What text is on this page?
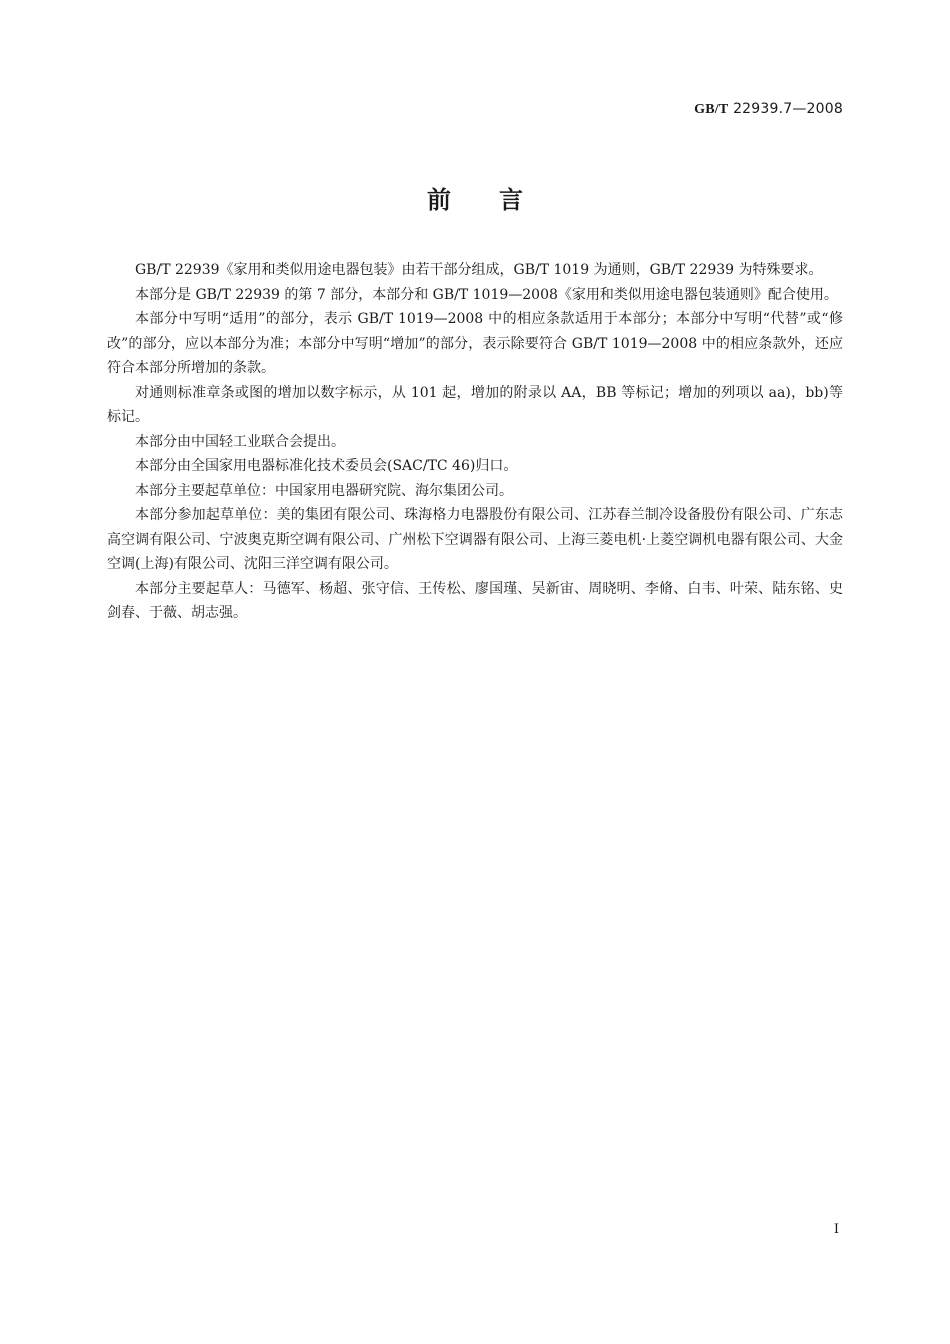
GB/T 22939.7—2008
前言

GB/T 22939《家用和类似用途电器包装》由若干部分组成，GB/T 1019 为通则，GB/T 22939 为特殊要求。

本部分是 GB/T 22939 的第 7 部分，本部分和 GB/T 1019—2008《家用和类似用途电器包装通则》配合使用。

本部分中写明“适用”的部分，表示 GB/T 1019—2008 中的相应条款适用于本部分；本部分中写明“代替”或“修改”的部分，应以本部分为准；本部分中写明“增加”的部分，表示除要符合 GB/T 1019—2008 中的相应条款外，还应符合本部分所增加的条款。

对通则标准章条或图的增加以数字标示，从 101 起，增加的附录以 AA，BB 等标记；增加的列项以 aa)，bb)等标记。

本部分由中国轻工业联合会提出。

本部分由全国家用电器标准化技术委员会(SAC/TC 46)归口。

本部分主要起草单位：中国家用电器研究院、海尔集团公司。

本部分参加起草单位：美的集团有限公司、珠海格力电器股份有限公司、江苏春兰制冷设备股份有限公司、广东志高空调有限公司、宁波奥克斯空调有限公司、广州松下空调器有限公司、上海三菱电机·上菱空调机电器有限公司、大金空调(上海)有限公司、沈阳三洋空调有限公司。

本部分主要起草人：马德军、杨超、张守信、王传松、廖国瑾、吴新宙、周晓明、李脩、白韦、叶荣、陆东铭、史剑春、于薇、胡志强。

I
